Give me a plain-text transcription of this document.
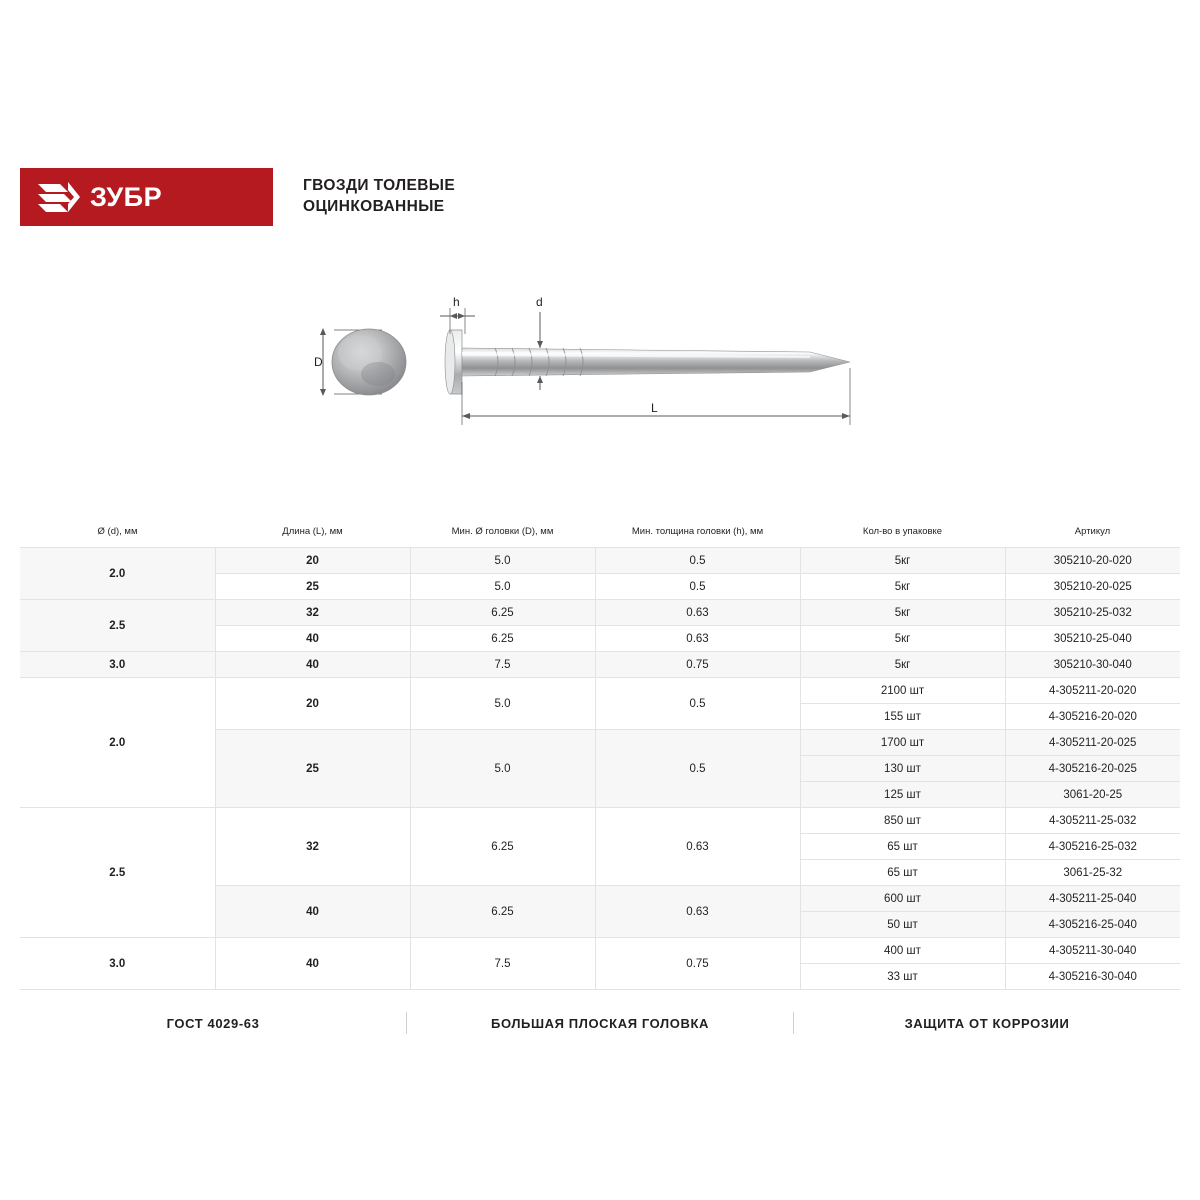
ЗУБР	ГВОЗДИ ТОЛЕВЫЕ
ОЦИНКОВАННЫЕ
D
h	d
L
Ø (d), мм	Длина (L), мм	Мин. Ø головки (D), мм	Мин. толщина головки (h), мм	Кол-во в упаковке	Артикул
2.0	20	5.0	0.5	5кг	305210-20-020
	25	5.0	0.5	5кг	305210-20-025
2.5	32	6.25	0.63	5кг	305210-25-032
	40	6.25	0.63	5кг	305210-25-040
3.0	40	7.5	0.75	5кг	305210-30-040
2.0	20	5.0	0.5	2100 шт	4-305211-20-020
				155 шт	4-305216-20-020
	25	5.0	0.5	1700 шт	4-305211-20-025
				130 шт	4-305216-20-025
				125 шт	3061-20-25
2.5	32	6.25	0.63	850 шт	4-305211-25-032
				65 шт	4-305216-25-032
				65 шт	3061-25-32
	40	6.25	0.63	600 шт	4-305211-25-040
				50 шт	4-305216-25-040
3.0	40	7.5	0.75	400 шт	4-305211-30-040
				33 шт	4-305216-30-040
ГОСТ 4029-63	БОЛЬШАЯ ПЛОСКАЯ ГОЛОВКА	ЗАЩИТА ОТ КОРРОЗИИ
